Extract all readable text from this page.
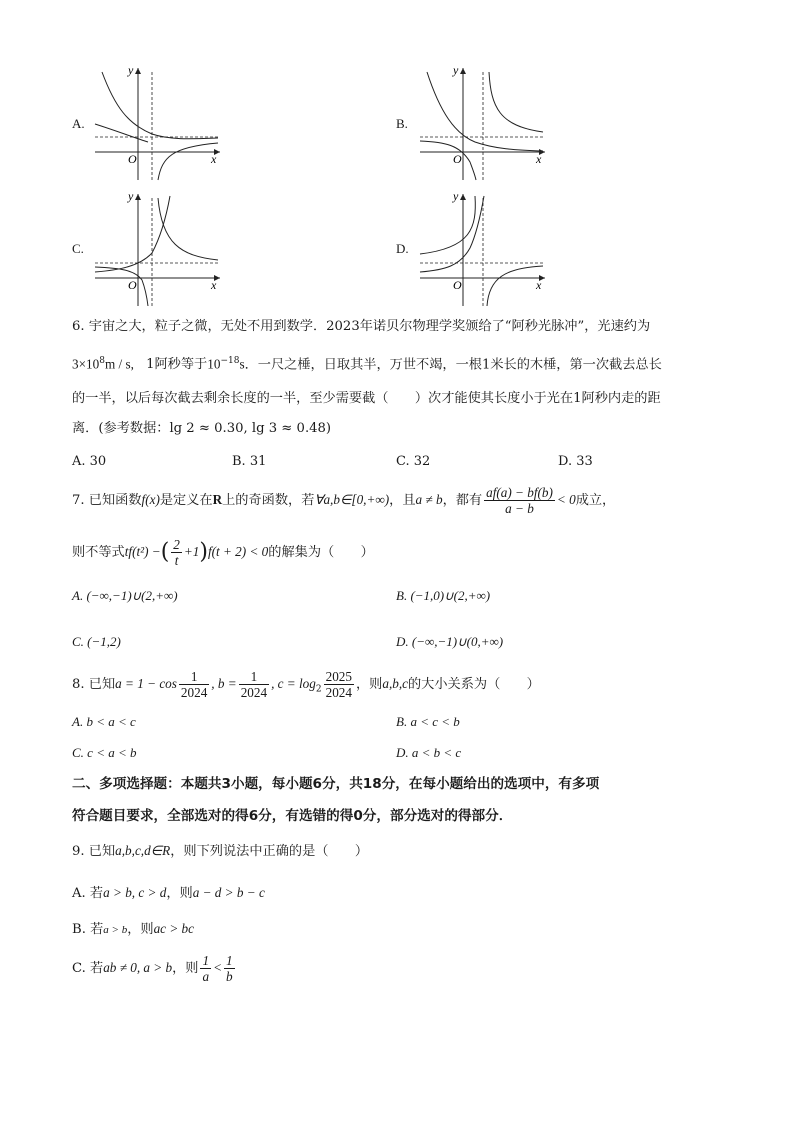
A.
O	x
y
B.
O	x
y
C.
O	x
y
D.
O	x
y
6. 宇宙之大，粒子之微，无处不用到数学．2023年诺贝尔物理学奖颁给了“阿秒光脉冲”，光速约为
$3\times 10^8m / s$, 1阿秒等于$10^{-18}s$．一尺之棰，日取其半，万世不竭，一根1米长的木棰，第一次截去总长
的一半，以后每次截去剩余长度的一半，至少需要截（　　）次才能使其长度小于光在1阿秒内走的距
离．(参考数据：lg 2 ≈ 0.30, lg 3 ≈ 0.48)
A. 30	B. 31	C. 32	D. 33
7. 已知函数f(x)是定义在R上的奇函数，若∀a,b∈[0,+∞)，且a ≠ b，都有 $\frac{af(a) - bf(b)}{a - b} < 0$成立，
则不等式tf(t²) −( $\frac{2}{t} +1)f(t + 2) < 0$的解集为（　　）
A. (−∞,−1)∪(2,+∞)	B. (−1,0)∪(2,+∞)
C. (−1,2)	D. (−∞,−1)∪(0,+∞)
8. 已知$a = 1 - \cos \frac{1}{2024}$ , $b = \frac{1}{2024}$ , $c = \log_2 \frac{2025}{2024}$ ，则a,b,c的大小关系为（　　）
A. b < a < c	B. a < c < b
C. c < a < b	D. a < b < c
二、多项选择题：本题共3小题，每小题6分，共18分，在每小题给出的选项中，有多项
符合题目要求，全部选对的得6分，有选错的得0分，部分选对的得部分．
9. 已知a,b,c,d∈R，则下列说法中正确的是（　　）
A. 若a > b, c > d，则a − d > b − c
B. 若a > b，则ac > bc
C. 若ab ≠ 0, a > b，则 $\frac{1}{a} < \frac{1}{b}$
